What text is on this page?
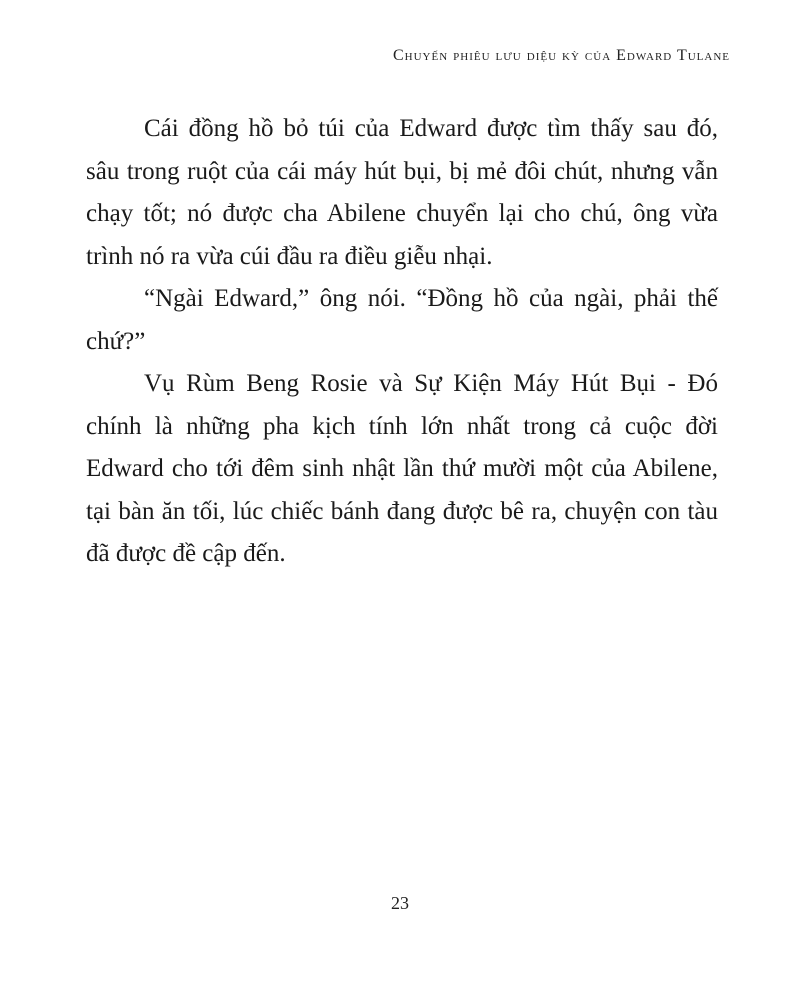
Chuyến phiêu lưu diệu kỳ của Edward Tulane

Cái đồng hồ bỏ túi của Edward được tìm thấy sau đó,
sâu trong ruột của cái máy hút bụi, bị mẻ đôi chút, nhưng vẫn
chạy tốt; nó được cha Abilene chuyển lại cho chú, ông vừa
trình nó ra vừa cúi đầu ra điều giễu nhại.

“Ngài Edward,” ông nói. “Đồng hồ của ngài, phải thế
chứ?”

Vụ Rùm Beng Rosie và Sự Kiện Máy Hút Bụi - Đó
chính là những pha kịch tính lớn nhất trong cả cuộc đời
Edward cho tới đêm sinh nhật lần thứ mười một của Abilene,
tại bàn ăn tối, lúc chiếc bánh đang được bê ra, chuyện con tàu
đã được đề cập đến.

23
